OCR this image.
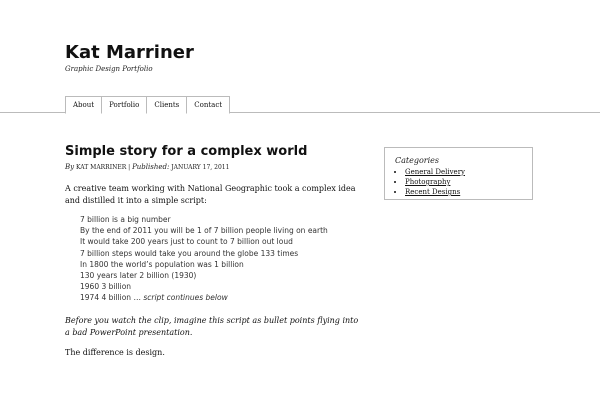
Kat Marriner
Graphic Design Portfolio
About	Portfolio	Clients	Contact
Simple story for a complex world
By KAT MARRINER | Published: JANUARY 17, 2011
A creative team working with National Geographic took a complex idea and distilled it into a simple script:
7 billion is a big number
By the end of 2011 you will be 1 of 7 billion people living on earth
It would take 200 years just to count to 7 billion out loud
7 billion steps would take you around the globe 133 times
In 1800 the world’s population was 1 billion
130 years later 2 billion (1930)
1960 3 billion
1974 4 billion … script continues below
Before you watch the clip, imagine this script as bullet points flying into a bad PowerPoint presentation.
The difference is design.
Categories
• General Delivery
• Photography
• Recent Designs
